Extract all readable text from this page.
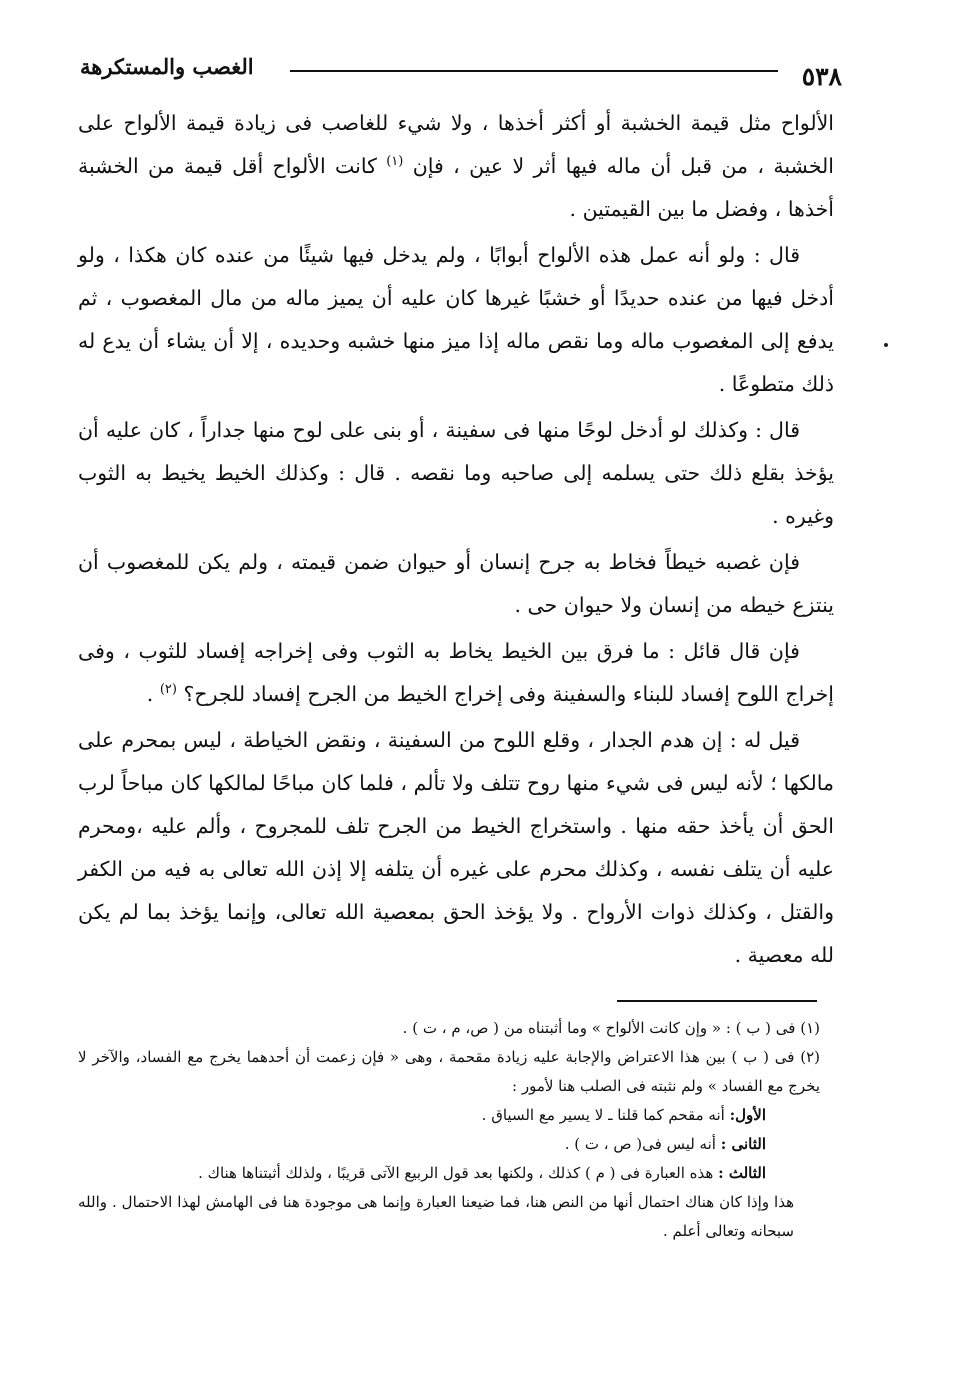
٥٣٨
الغصب والمستكرهة

الألواح مثل قيمة الخشبة أو أكثر أخذها ، ولا شيء للغاصب فى زيادة قيمة الألواح على الخشبة ، من قبل أن ماله فيها أثر لا عين ، فإن $^{(١)}$ كانت الألواح أقل قيمة من الخشبة أخذها ، وفضل ما بين القيمتين .

قال : ولو أنه عمل هذه الألواح أبوابًا ، ولم يدخل فيها شيئًا من عنده كان هكذا ، ولو أدخل فيها من عنده حديدًا أو خشبًا غيرها كان عليه أن يميز ماله من مال المغصوب ، ثم يدفع إلى المغصوب ماله وما نقص ماله إذا ميز منها خشبه وحديده ، إلا أن يشاء أن يدع له ذلك متطوعًا .

قال : وكذلك لو أدخل لوحًا منها فى سفينة ، أو بنى على لوح منها جداراً ، كان عليه أن يؤخذ بقلع ذلك حتى يسلمه إلى صاحبه وما نقصه . قال : وكذلك الخيط يخيط به الثوب وغيره .

فإن غصبه خيطاً فخاط به جرح إنسان أو حيوان ضمن قيمته ، ولم يكن للمغصوب أن ينتزع خيطه من إنسان ولا حيوان حى .

فإن قال قائل : ما فرق بين الخيط يخاط به الثوب وفى إخراجه إفساد للثوب ، وفى إخراج اللوح إفساد للبناء والسفينة وفى إخراج الخيط من الجرح إفساد للجرح؟ $^{(٢)}$ .

قيل له : إن هدم الجدار ، وقلع اللوح من السفينة ، ونقض الخياطة ، ليس بمحرم على مالكها ؛ لأنه ليس فى شيء منها روح تتلف ولا تألم ، فلما كان مباحًا لمالكها كان مباحاً لرب الحق أن يأخذ حقه منها . واستخراج الخيط من الجرح تلف للمجروح ، وألم عليه ،ومحرم عليه أن يتلف نفسه ، وكذلك محرم على غيره أن يتلفه إلا إذن الله تعالى به فيه من الكفر والقتل ، وكذلك ذوات الأرواح . ولا يؤخذ الحق بمعصية الله تعالى، وإنما يؤخذ بما لم يكن لله معصية .

(١) فى ( ب ) : « وإن كانت الألواح » وما أثبتناه من ( ص، م ، ت ) .

(٢) فى ( ب ) بين هذا الاعتراض والإجابة عليه زيادة مقحمة ، وهى « فإن زعمت أن أحدهما يخرج مع الفساد، والآخر لا يخرج مع الفساد » ولم نثبته فى الصلب هنا لأمور :

الأول: أنه مقحم كما قلنا ـ لا يسير مع السياق .

الثانى : أنه ليس فى( ص ، ت ) .

الثالث : هذه العبارة فى ( م ) كذلك ، ولكنها بعد قول الربيع الآتى قريبًا ، ولذلك أثبتناها هناك .

هذا وإذا كان هناك احتمال أنها من النص هنا، فما ضيعنا العبارة وإنما هى موجودة هنا فى الهامش لهذا الاحتمال . والله سبحانه وتعالى أعلم .
